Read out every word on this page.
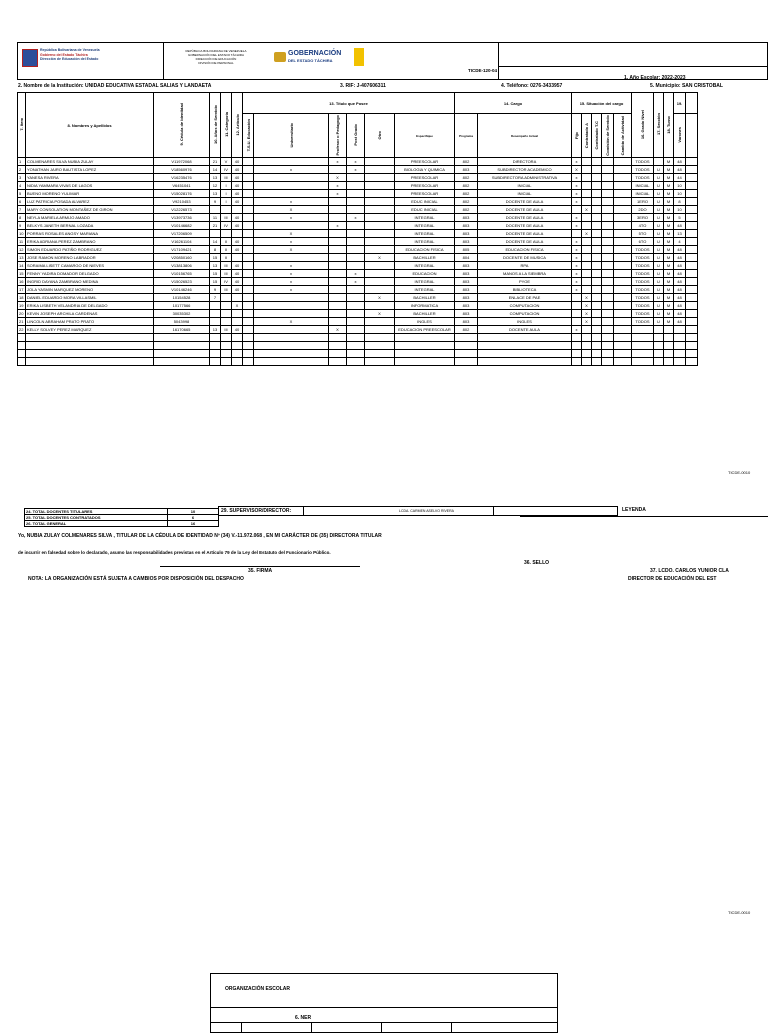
República Bolivariana de Venezuela
Gobierno del Estado Táchira
Dirección de Educación del Estado
REPÚBLICA BOLIVARIANA DE VENEZUELA
GOBERNACIÓN DEL ESTADO TÁCHIRA
DIRECCIÓN DE EDUCACIÓN
DIVISIÓN DE PERSONAL
GOBERNACIÓN
DEL ESTADO TÁCHIRA
TICDE-120-04
1. Año Escolar: 2022-2023
2. Nombre de la Institución: UNIDAD EDUCATIVA ESTADAL SALIAS Y LANDAETA	3. RIF: J-407606311	4. Teléfono: 0276-3433957	5. Municipio: SAN CRISTOBAL
7. Item	8. Nombres y Apellidos	9. Cédula de Identidad	10. Años de Servicio	11. Categoría	12. Artículo	13. Título que Posee						14. Cargo		15. Situación del cargo					16. Grado Nivel	17. Sección	18. Turno	19.	
						T.S.U. Educación	Universitario	Profesor o Pedagogo	Post Grado	Otro	Especifique	Programa	Desempeño Actual	Fijo	Contratado A	Contratado T.C	Comisión de Servicio	Cambio de Actividad				Varones	
1	COLMENARES SILVA NUBIA ZULAY	V11972068	21	V	40			x	x		PREESCOLAR	802	DIRECTORA	x					TODOS		M	48	
2	YONATHAN JAIRO BAUTISTA LOPEZ	V18560976	14	IV	40		x		x		BIOLOGIA Y QUIMICA	803	SUBDIRECTOR ACADEMICO	X					TODOS	U	M	48	
3	YANESA RIVERA	V16235476	13	III	40			X			PREESCOLAR	802	SUBDIRECTORA ADMINISTRATIVA	x					TODOS	U	M	44	
4	NIDIA YAMMARA VIVAS DE LAGOS	V6451041	12	I	40			x			PREESCOLAR	802	INICIAL	x					INICIAL	U	M	10	
5	BUENO MORENO YULIMAR	V15028176	13	I	40			x			PREESCOLAR	802	INICIAL	x					INICIAL	U	M	10	
6	LUZ PATRICIA POSADA ALVAREZ	V9210453	9	I	40		x				EDUC INICIAL	802	DOCENTE DE AULA	x					1ERO	U	M	8	
7	MARY CONSOLATION MONTAÑEZ DE GIRON	V12226573					X				EDUC INICIAL	802	DOCENTE DE AULA		X				2DO	U	M	10	
8	NEYLA MARIELA ARMIJO AMADO	V13973736	11	III	40		x		x		INTEGRAL	803	DOCENTE DE AULA	x					3ERO	U	M	5	
9	BELKYS JANETH BERNAL LOZADA	V10146682	21	IV	40			x			INTEGRAL	803	DOCENTE DE AULA	x					4TO	U	M	48	
10	PORRAS ROSALES ANGSY MARIANA	V17206509					X				INTEGRAL	803	DOCENTE DE AULA		X				5TO	U	M	13	
11	ERIKA ADRIANA PEREZ ZAMBRANO	V16261104	14	II	40		x				INTEGRAL	803	DOCENTE DE AULA	x					6TO	U	M	4	
12	SIMON EDUARDO PATIÑO RODRIGUEZ	V17109421	8	II	40		X				EDUCACION FISICA	805	EDUCACION FISICA	x					TODOS	U	M	48	
13	JOSE RAMON MORENO LABRADOR	V20850160	15	II						X	BACHILLER	804	DOCENTE DE MUSICA	x					TODOS	U	M	48	
14	SORAIMA LISETT CAMARGO DE NIEVES	V13813806	13	III	40		x				INTEGRAL	803	RPA	x					TODOS	U	M	48	
15	FENNY YADIRA DOMADOR DELGADO	V10156765	15	III	40		x		x		EDUCACION	803	MANOS A LA SIEMBRA	x					TODOS	U	M	48	
16	INGRID DAYANA ZAMBRANO MEDINA	V15026523	15	IV	40		x		x		INTEGRAL	803	PYOE	x					TODOS	U	M	48	
17	JOLA YASMIN MARQUEZ MORENO	V10146246	9	III	40		x				INTEGRAL	803	BIBLIOTECA	x					TODOS	U	M	48	
18	DANIEL EDUARDO MORA VILLASMIL	10154528	7							X	BACHILLER	803	ENLACE DE PAE		X				TODOS	U	M	48	
19	ERIKA LISBETH VELANDRIA DE DELGADO	10177566			X						INFORMATICA	803	COMPUTACION		X				TODOS	U	M	48	
20	KEVIN JOSEPH ARCHILA CARDENAS	30035302								X	BACHILLER	803	COMPUTACION		X				TODOS	U	M	48	
21	LINCOLN ABRAHAM PRATO PRATO	5043998					X				INGLES	803	INGLES		X				TODOS	U	M	48	
22	KELLY SOLVEY PEREZ MARQUEZ	16170665	13	III	40			X			EDUCACION PREESCOLAR	802	DOCENTE AULA	x									

TICDE-0010
24. TOTAL DOCENTES TITULARES	10
25. TOTAL DOCENTES CONTRATADOS	6
26. TOTAL GENERAL	16
29. SUPERVISOR/DIRECTOR:	LCDA. CARMEN ASELVO RIVERA	LEYENDA
Yo, NUBIA ZULAY COLMENARES SILVA , TITULAR DE LA CÉDULA DE IDENTIDAD Nº (34) V.-11.972.068 , EN MI CARÁCTER DE (35) DIRECTORA TITULAR
de incurrir en falsedad sobre lo declarado, asumo las responsabilidades previstas en el Artículo 79 de la Ley del Estatuto del Funcionario Público.
36. SELLO
35. FIRMA	37. LCDO. CARLOS YUNIOR CLA
NOTA: LA ORGANIZACIÓN ESTÁ SUJETA A CAMBIOS POR DISPOSICIÓN DEL DESPACHO	DIRECTOR DE EDUCACIÓN DEL EST
TICDE-0010
ORGANIZACIÓN ESCOLAR
6. NER
